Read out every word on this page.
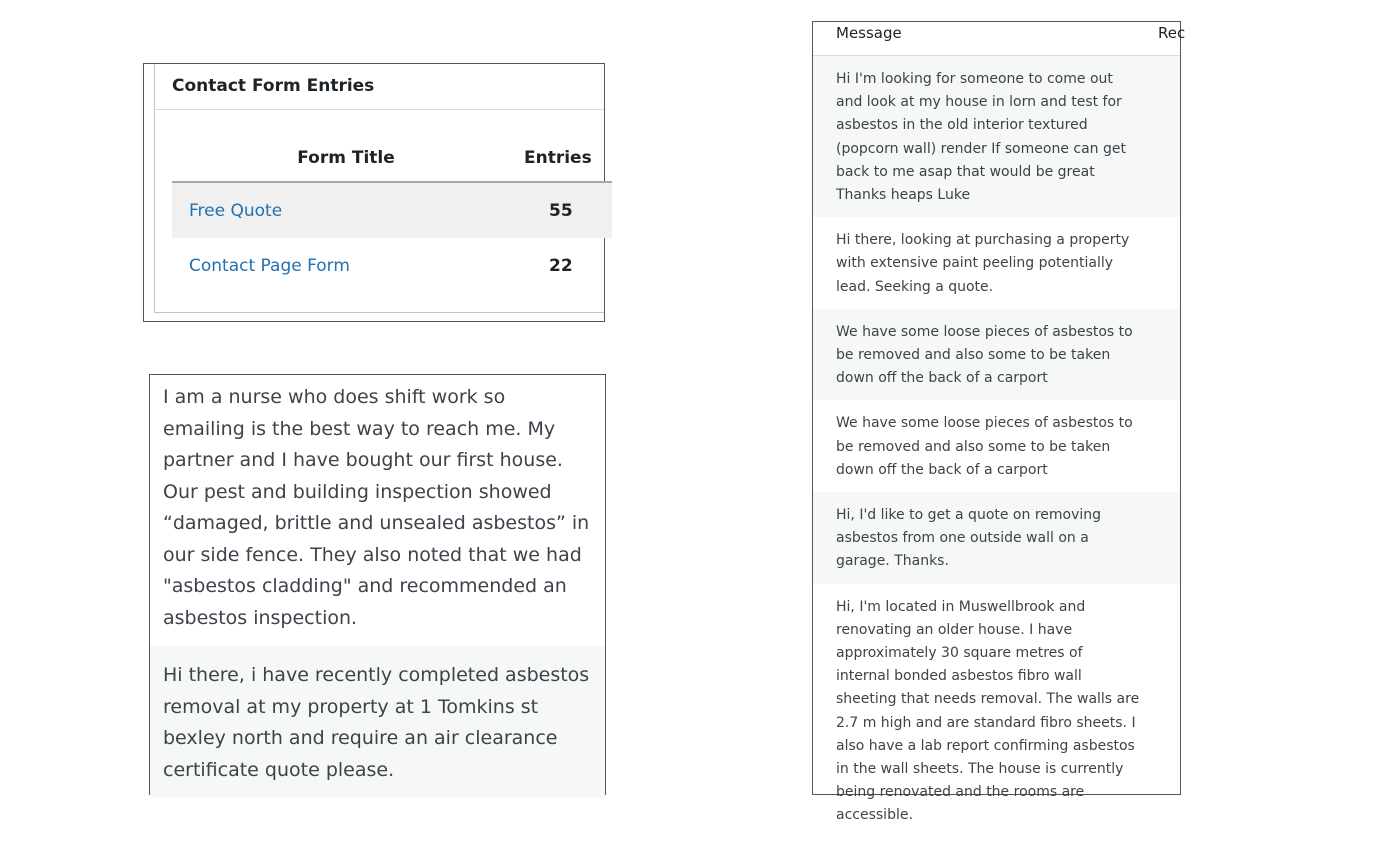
Contact Form Entries
Form Title	Entries
Free Quote	55
Contact Page Form	22
I am a nurse who does shift work so emailing is the best way to reach me. My partner and I have bought our first house. Our pest and building inspection showed “damaged, brittle and unsealed asbestos” in our side fence. They also noted that we had "asbestos cladding" and recommended an asbestos inspection.
Hi there, i have recently completed asbestos removal at my property at 1 Tomkins st bexley north and require an air clearance certificate quote please.
Message	Rec
Hi I'm looking for someone to come out and look at my house in lorn and test for asbestos in the old interior textured (popcorn wall) render If someone can get back to me asap that would be great Thanks heaps Luke
Hi there, looking at purchasing a property with extensive paint peeling potentially lead. Seeking a quote.
We have some loose pieces of asbestos to be removed and also some to be taken down off the back of a carport
We have some loose pieces of asbestos to be removed and also some to be taken down off the back of a carport
Hi, I'd like to get a quote on removing asbestos from one outside wall on a garage. Thanks.
Hi, I'm located in Muswellbrook and renovating an older house. I have approximately 30 square metres of internal bonded asbestos fibro wall sheeting that needs removal. The walls are 2.7 m high and are standard fibro sheets. I also have a lab report confirming asbestos in the wall sheets. The house is currently being renovated and the rooms are accessible.
